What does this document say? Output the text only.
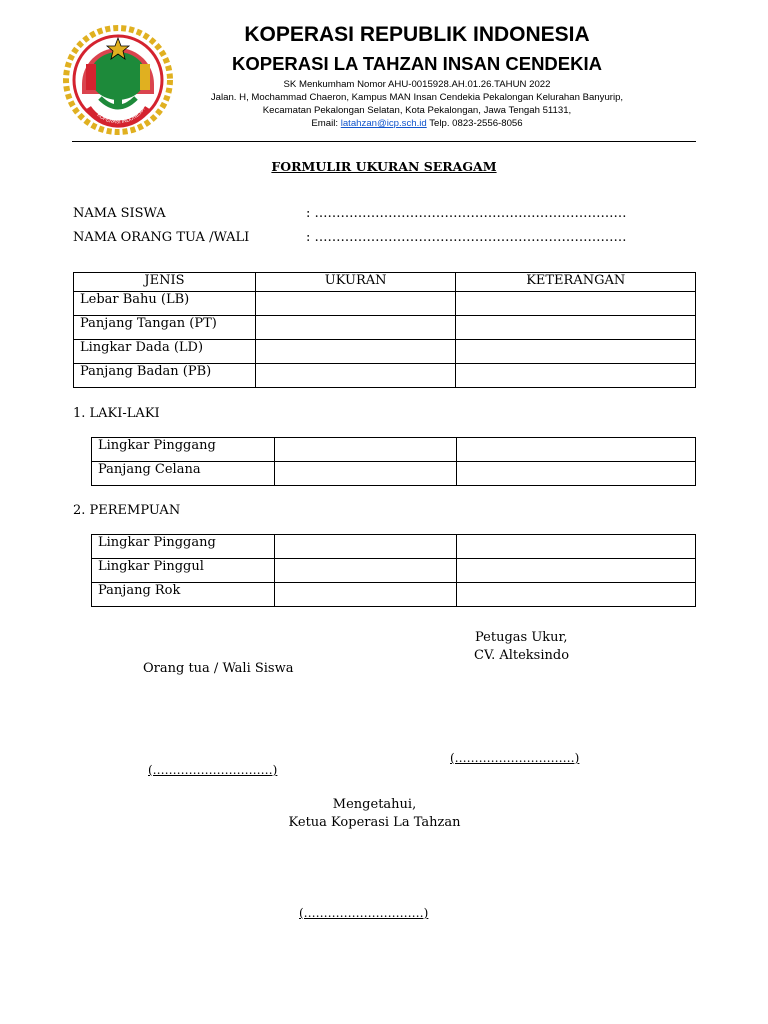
KOPERASI INDONESIA
KOPERASI REPUBLIK INDONESIA
KOPERASI LA TAHZAN INSAN CENDEKIA
SK Menkumham Nomor AHU-0015928.AH.01.26.TAHUN 2022
Jalan. H, Mochammad Chaeron, Kampus MAN Insan Cendekia Pekalongan Kelurahan Banyurip,
Kecamatan Pekalongan Selatan, Kota Pekalongan, Jawa Tengah 51131,
Email: latahzan@icp.sch.id Telp. 0823-2556-8056
FORMULIR UKURAN SERAGAM
NAMA SISWA	: ………………………………………………………………
NAMA ORANG TUA /WALI	: ………………………………………………………………
JENIS	UKURAN	KETERANGAN
Lebar Bahu (LB)		
Panjang Tangan (PT)		
Lingkar Dada (LD)		
Panjang Badan (PB)		
1. LAKI-LAKI
Lingkar Pinggang		
Panjang Celana		
2. PEREMPUAN
Lingkar Pinggang		
Lingkar Pinggul		
Panjang Rok		
Petugas Ukur,
CV. Alteksindo
Orang tua / Wali Siswa
(…………………………)
(…………………………)
Mengetahui,
Ketua Koperasi La Tahzan
(…………………………)
